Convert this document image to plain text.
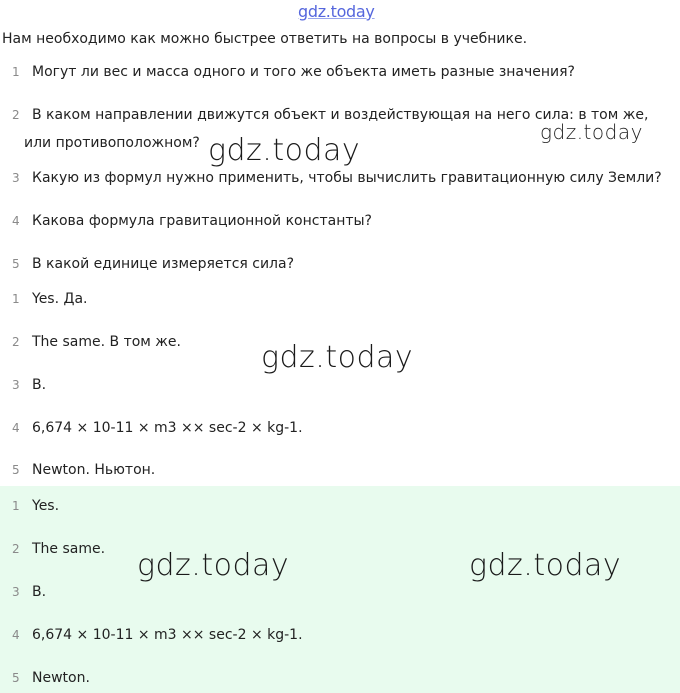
gdz.today
Нам необходимо как можно быстрее ответить на вопросы в учебнике.
1 Могут ли вес и масса одного и того же объекта иметь разные значения?
2 В каком направлении движутся объект и воздействующая на него сила: в том же,
или противоположном?
3 Какую из формул нужно применить, чтобы вычислить гравитационную силу Земли?
4 Какова формула гравитационной константы?
5 В какой единице измеряется сила?
1 Yes. Да.
2 The same. В том же.
3 В.
4 6,674 × 10-11 × m3 ×× sec-2 × kg-1.
5 Newton. Ньютон.
1 Yes.
2 The same.
3 В.
4 6,674 × 10-11 × m3 ×× sec-2 × kg-1.
5 Newton.
gdz.today
gdz.today
gdz.today
gdz.today	gdz.today
